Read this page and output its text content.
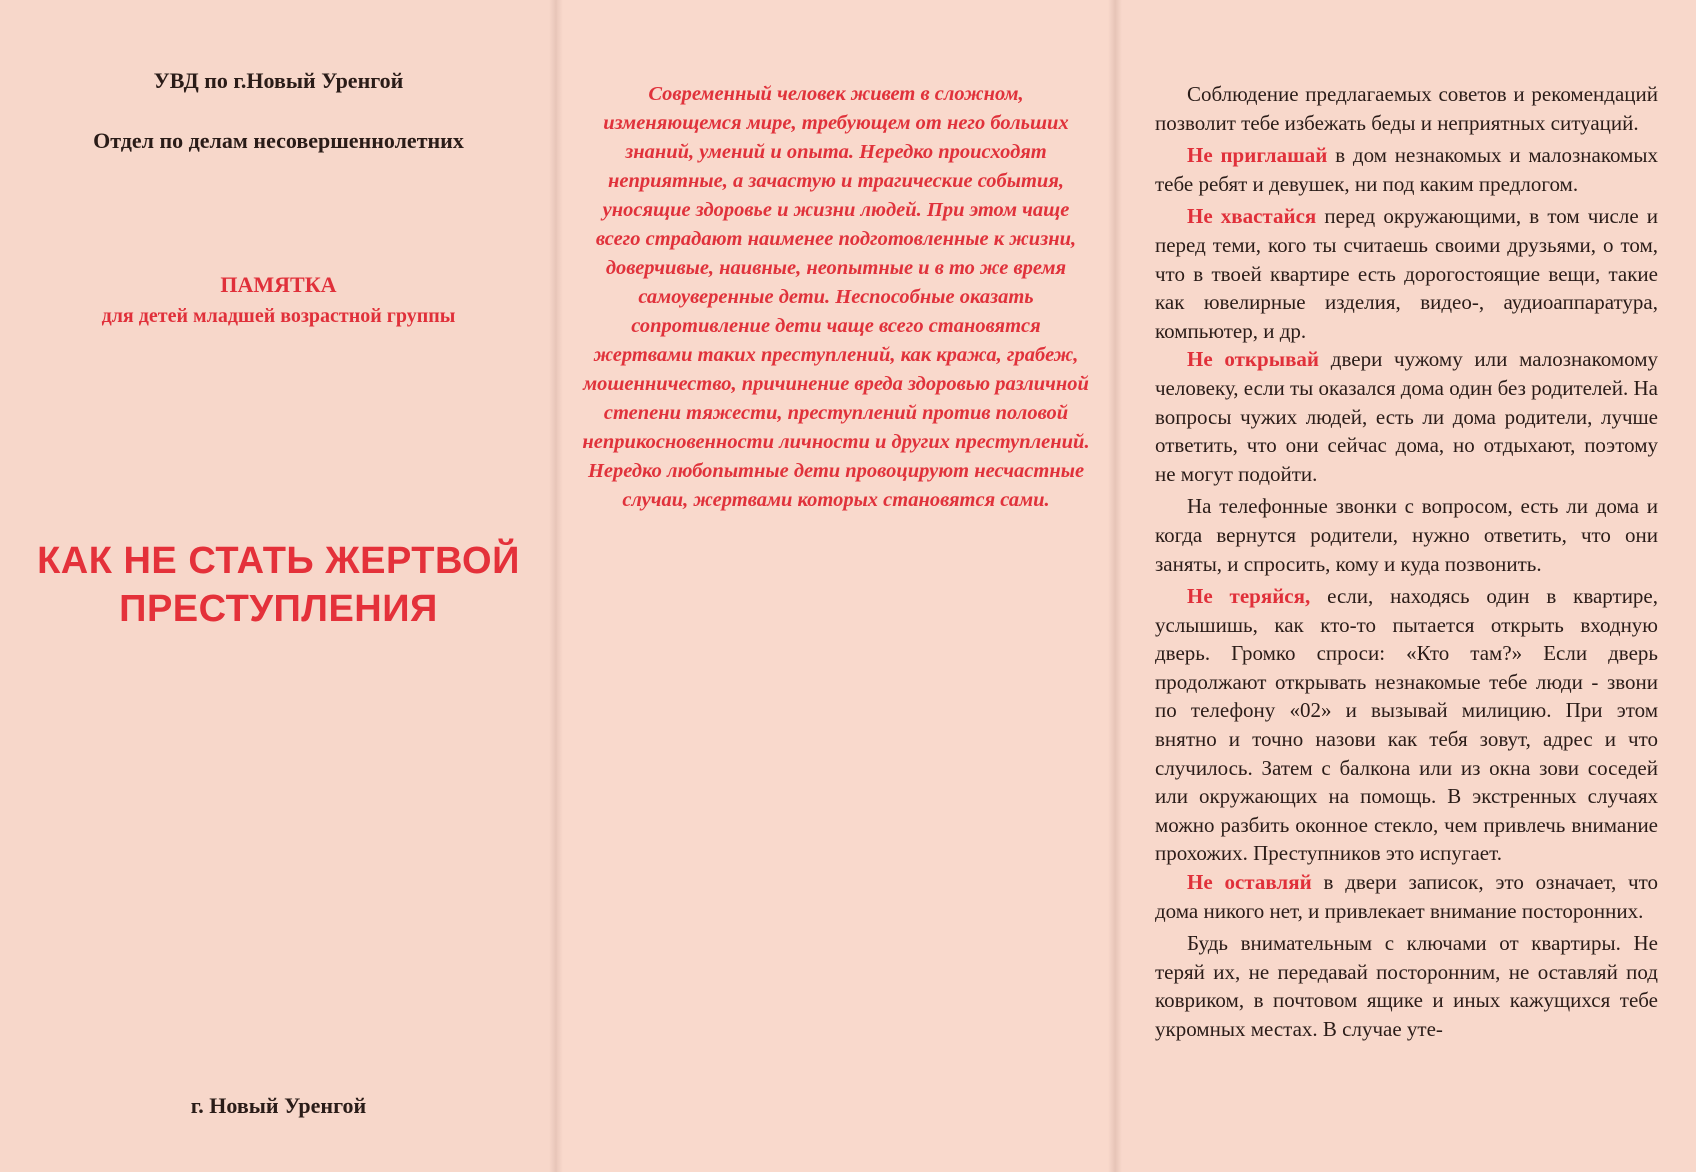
УВД по г.Новый Уренгой
Отдел по делам несовершеннолетних
ПАМЯТКА
для детей младшей возрастной группы
КАК НЕ СТАТЬ ЖЕРТВОЙ
ПРЕСТУПЛЕНИЯ
г. Новый Уренгой

Современный человек живет в сложном, изменяющемся мире, требующем от него больших знаний, умений и опыта. Нередко происходят неприятные, а зачастую и трагические события, уносящие здоровье и жизни людей. При этом чаще всего страдают наименее подготовленные к жизни, доверчивые, наивные, неопытные и в то же время самоуверенные дети. Неспособные оказать сопротивление дети чаще всего становятся жертвами таких преступлений, как кража, грабеж, мошенничество, причинение вреда здоровью различной степени тяжести, преступлений против половой неприкосновенности личности и других преступлений. Нередко любопытные дети провоцируют несчастные случаи, жертвами которых становятся сами.

Соблюдение предлагаемых советов и рекомендаций позволит тебе избежать беды и неприятных ситуаций.

Не приглашай в дом незнакомых и малознакомых тебе ребят и девушек, ни под каким предлогом.

Не хвастайся перед окружающими, в том числе и перед теми, кого ты считаешь своими друзьями, о том, что в твоей квартире есть дорогостоящие вещи, такие как ювелирные изделия, видео-, аудиоаппаратура, компьютер, и др.

Не открывай двери чужому или малознакомому человеку, если ты оказался дома один без родителей. На вопросы чужих людей, есть ли дома родители, лучше ответить, что они сейчас дома, но отдыхают, поэтому не могут подойти.

На телефонные звонки с вопросом, есть ли дома и когда вернутся родители, нужно ответить, что они заняты, и спросить, кому и куда позвонить.

Не теряйся, если, находясь один в квартире, услышишь, как кто-то пытается открыть входную дверь. Громко спроси: «Кто там?» Если дверь продолжают открывать незнакомые тебе люди - звони по телефону «02» и вызывай милицию. При этом внятно и точно назови как тебя зовут, адрес и что случилось. Затем с балкона или из окна зови соседей или окружающих на помощь. В экстренных случаях можно разбить оконное стекло, чем привлечь внимание прохожих. Преступников это испугает.

Не оставляй в двери записок, это означает, что дома никого нет, и привлекает внимание посторонних.

Будь внимательным с ключами от квартиры. Не теряй их, не передавай посторонним, не оставляй под ковриком, в почтовом ящике и иных кажущихся тебе укромных местах. В случае уте-
